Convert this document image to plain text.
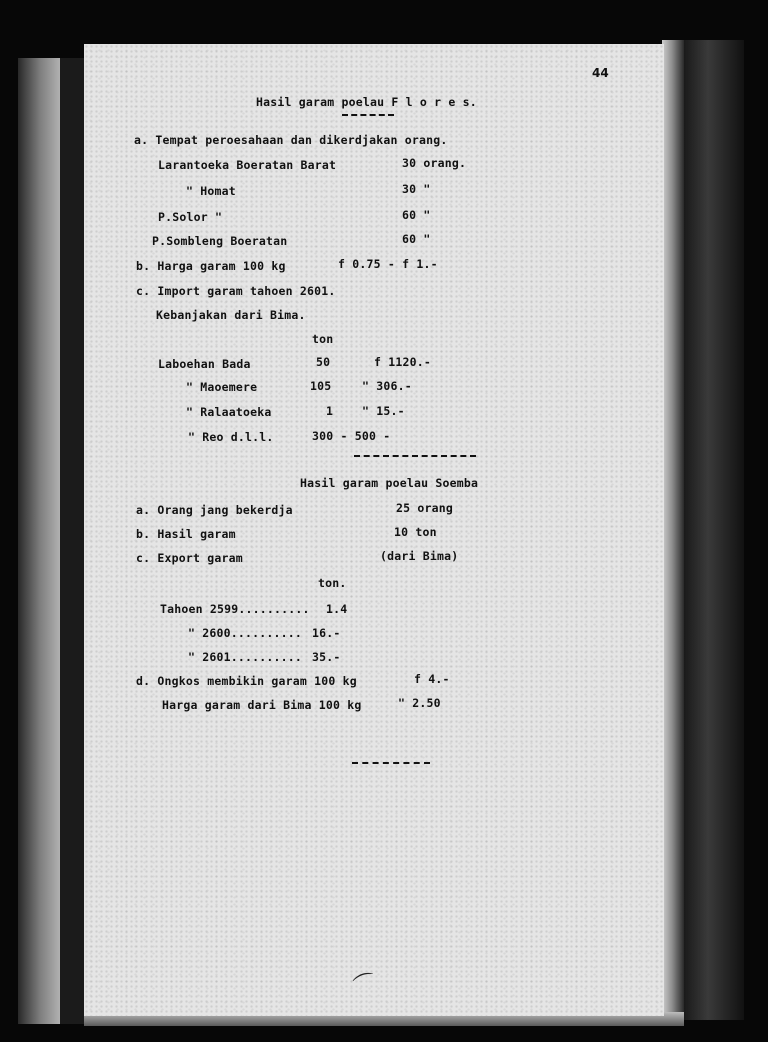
44
Hasil garam poelau F l o r e s.
a. Tempat peroesahaan dan dikerdjakan orang.
Larantoeka Boeratan Barat	30 orang.
" Homat	30 "
P.Solor "	60 "
P.Sombleng Boeratan	60 "
b. Harga garam 100 kg	f 0.75 - f 1.-
c. Import garam tahoen 2601.
Kebanjakan dari Bima.
ton
Laboehan Bada	50	f 1120.-
" Maoemere	105	" 306.-
" Ralaatoeka	1	" 15.-
" Reo d.l.l.	300 - 500 -
Hasil garam poelau Soemba
a. Orang jang bekerdja	25 orang
b. Hasil garam	10 ton
c. Export garam	(dari Bima)
ton.
Tahoen 2599.......... 1.4
" 2600.......... 16.-
" 2601.......... 35.-
d. Ongkos membikin garam 100 kg	f 4.-
Harga garam dari Bima 100 kg	" 2.50
⌒
